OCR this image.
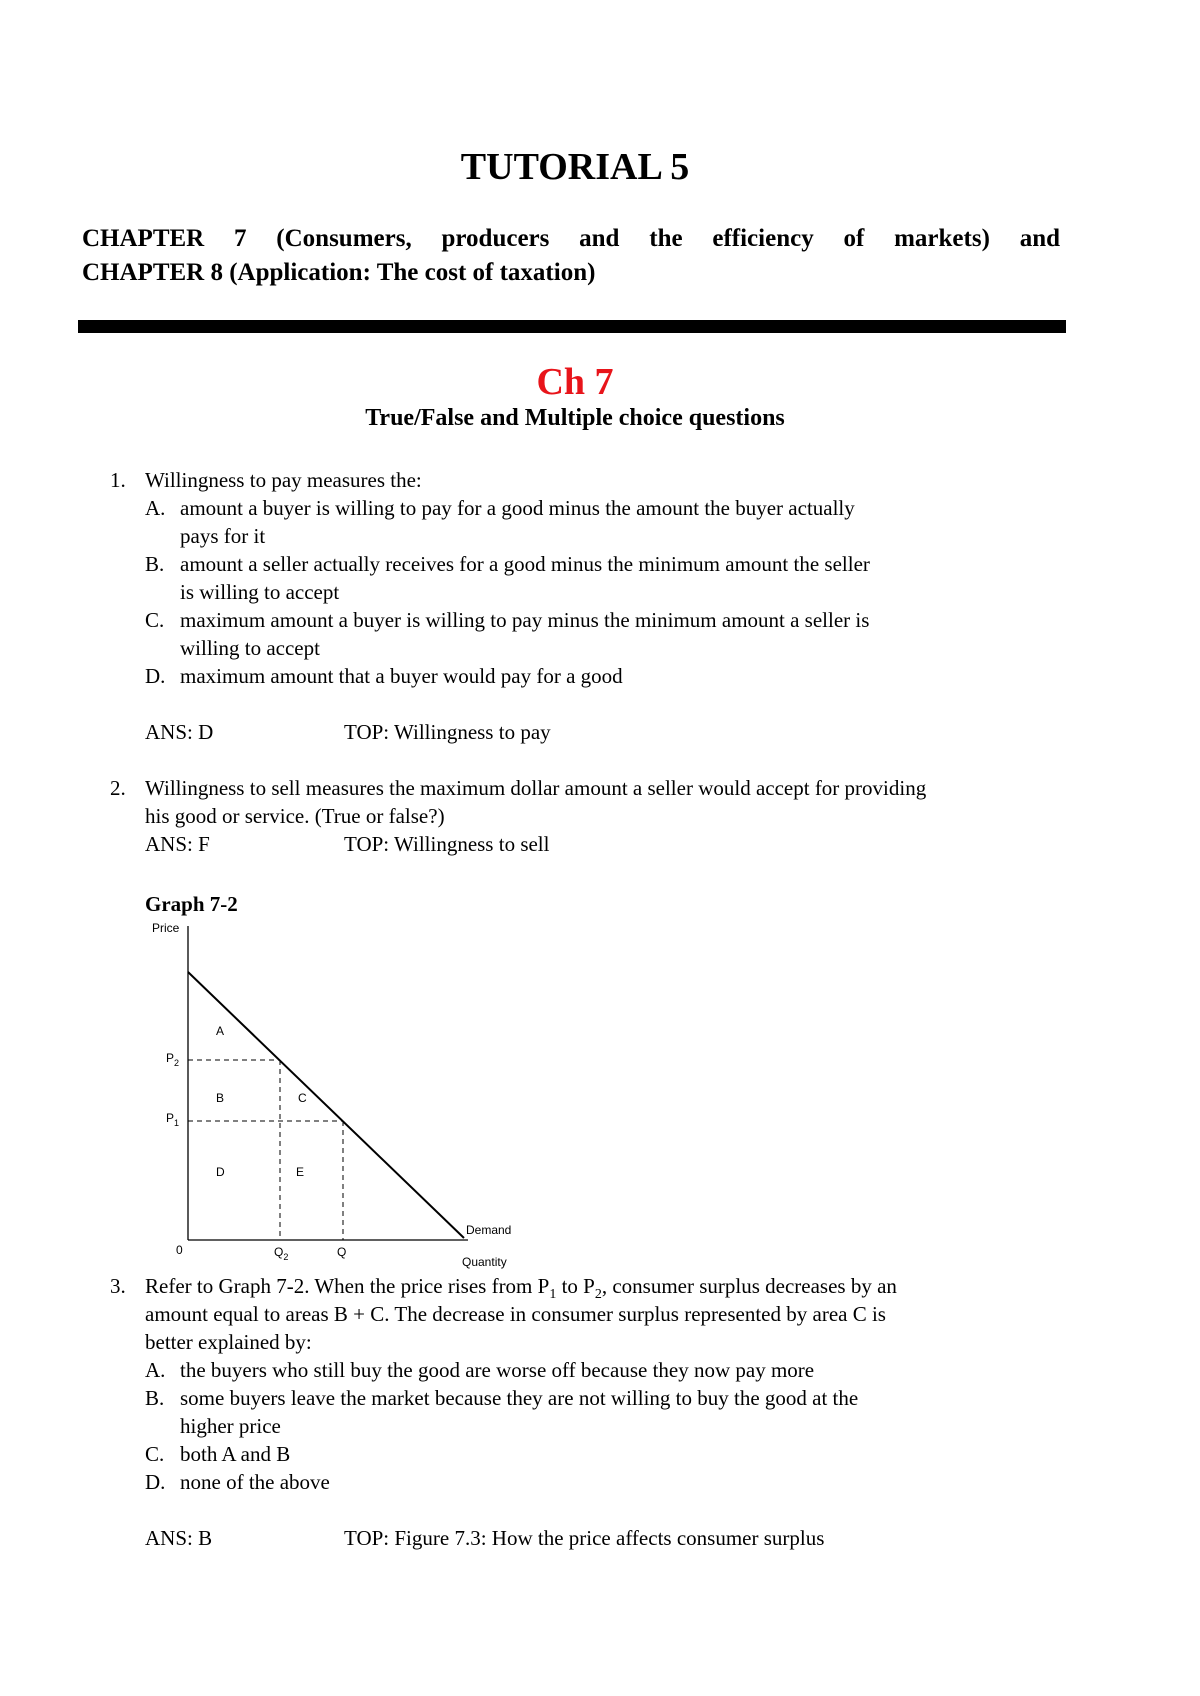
TUTORIAL 5
CHAPTER 7 (Consumers, producers and the efficiency of markets) and
CHAPTER 8 (Application: The cost of taxation)
Ch 7
True/False and Multiple choice questions
1. Willingness to pay measures the:
A. amount a buyer is willing to pay for a good minus the amount the buyer actually
pays for it
B. amount a seller actually receives for a good minus the minimum amount the seller
is willing to accept
C. maximum amount a buyer is willing to pay minus the minimum amount a seller is
willing to accept
D. maximum amount that a buyer would pay for a good
ANS: D	TOP: Willingness to pay
2. Willingness to sell measures the maximum dollar amount a seller would accept for providing
his good or service. (True or false?)
ANS: F	TOP: Willingness to sell
Graph 7-2
Price
A
B	C
D	E
$P_2$
$P_1$
0	$Q_2$	Q
Demand
Quantity
3. Refer to Graph 7-2. When the price rises from $P_1$ to $P_2$, consumer surplus decreases by an
amount equal to areas B + C. The decrease in consumer surplus represented by area C is
better explained by:
A. the buyers who still buy the good are worse off because they now pay more
B. some buyers leave the market because they are not willing to buy the good at the
higher price
C. both A and B
D. none of the above
ANS: B	TOP: Figure 7.3: How the price affects consumer surplus
